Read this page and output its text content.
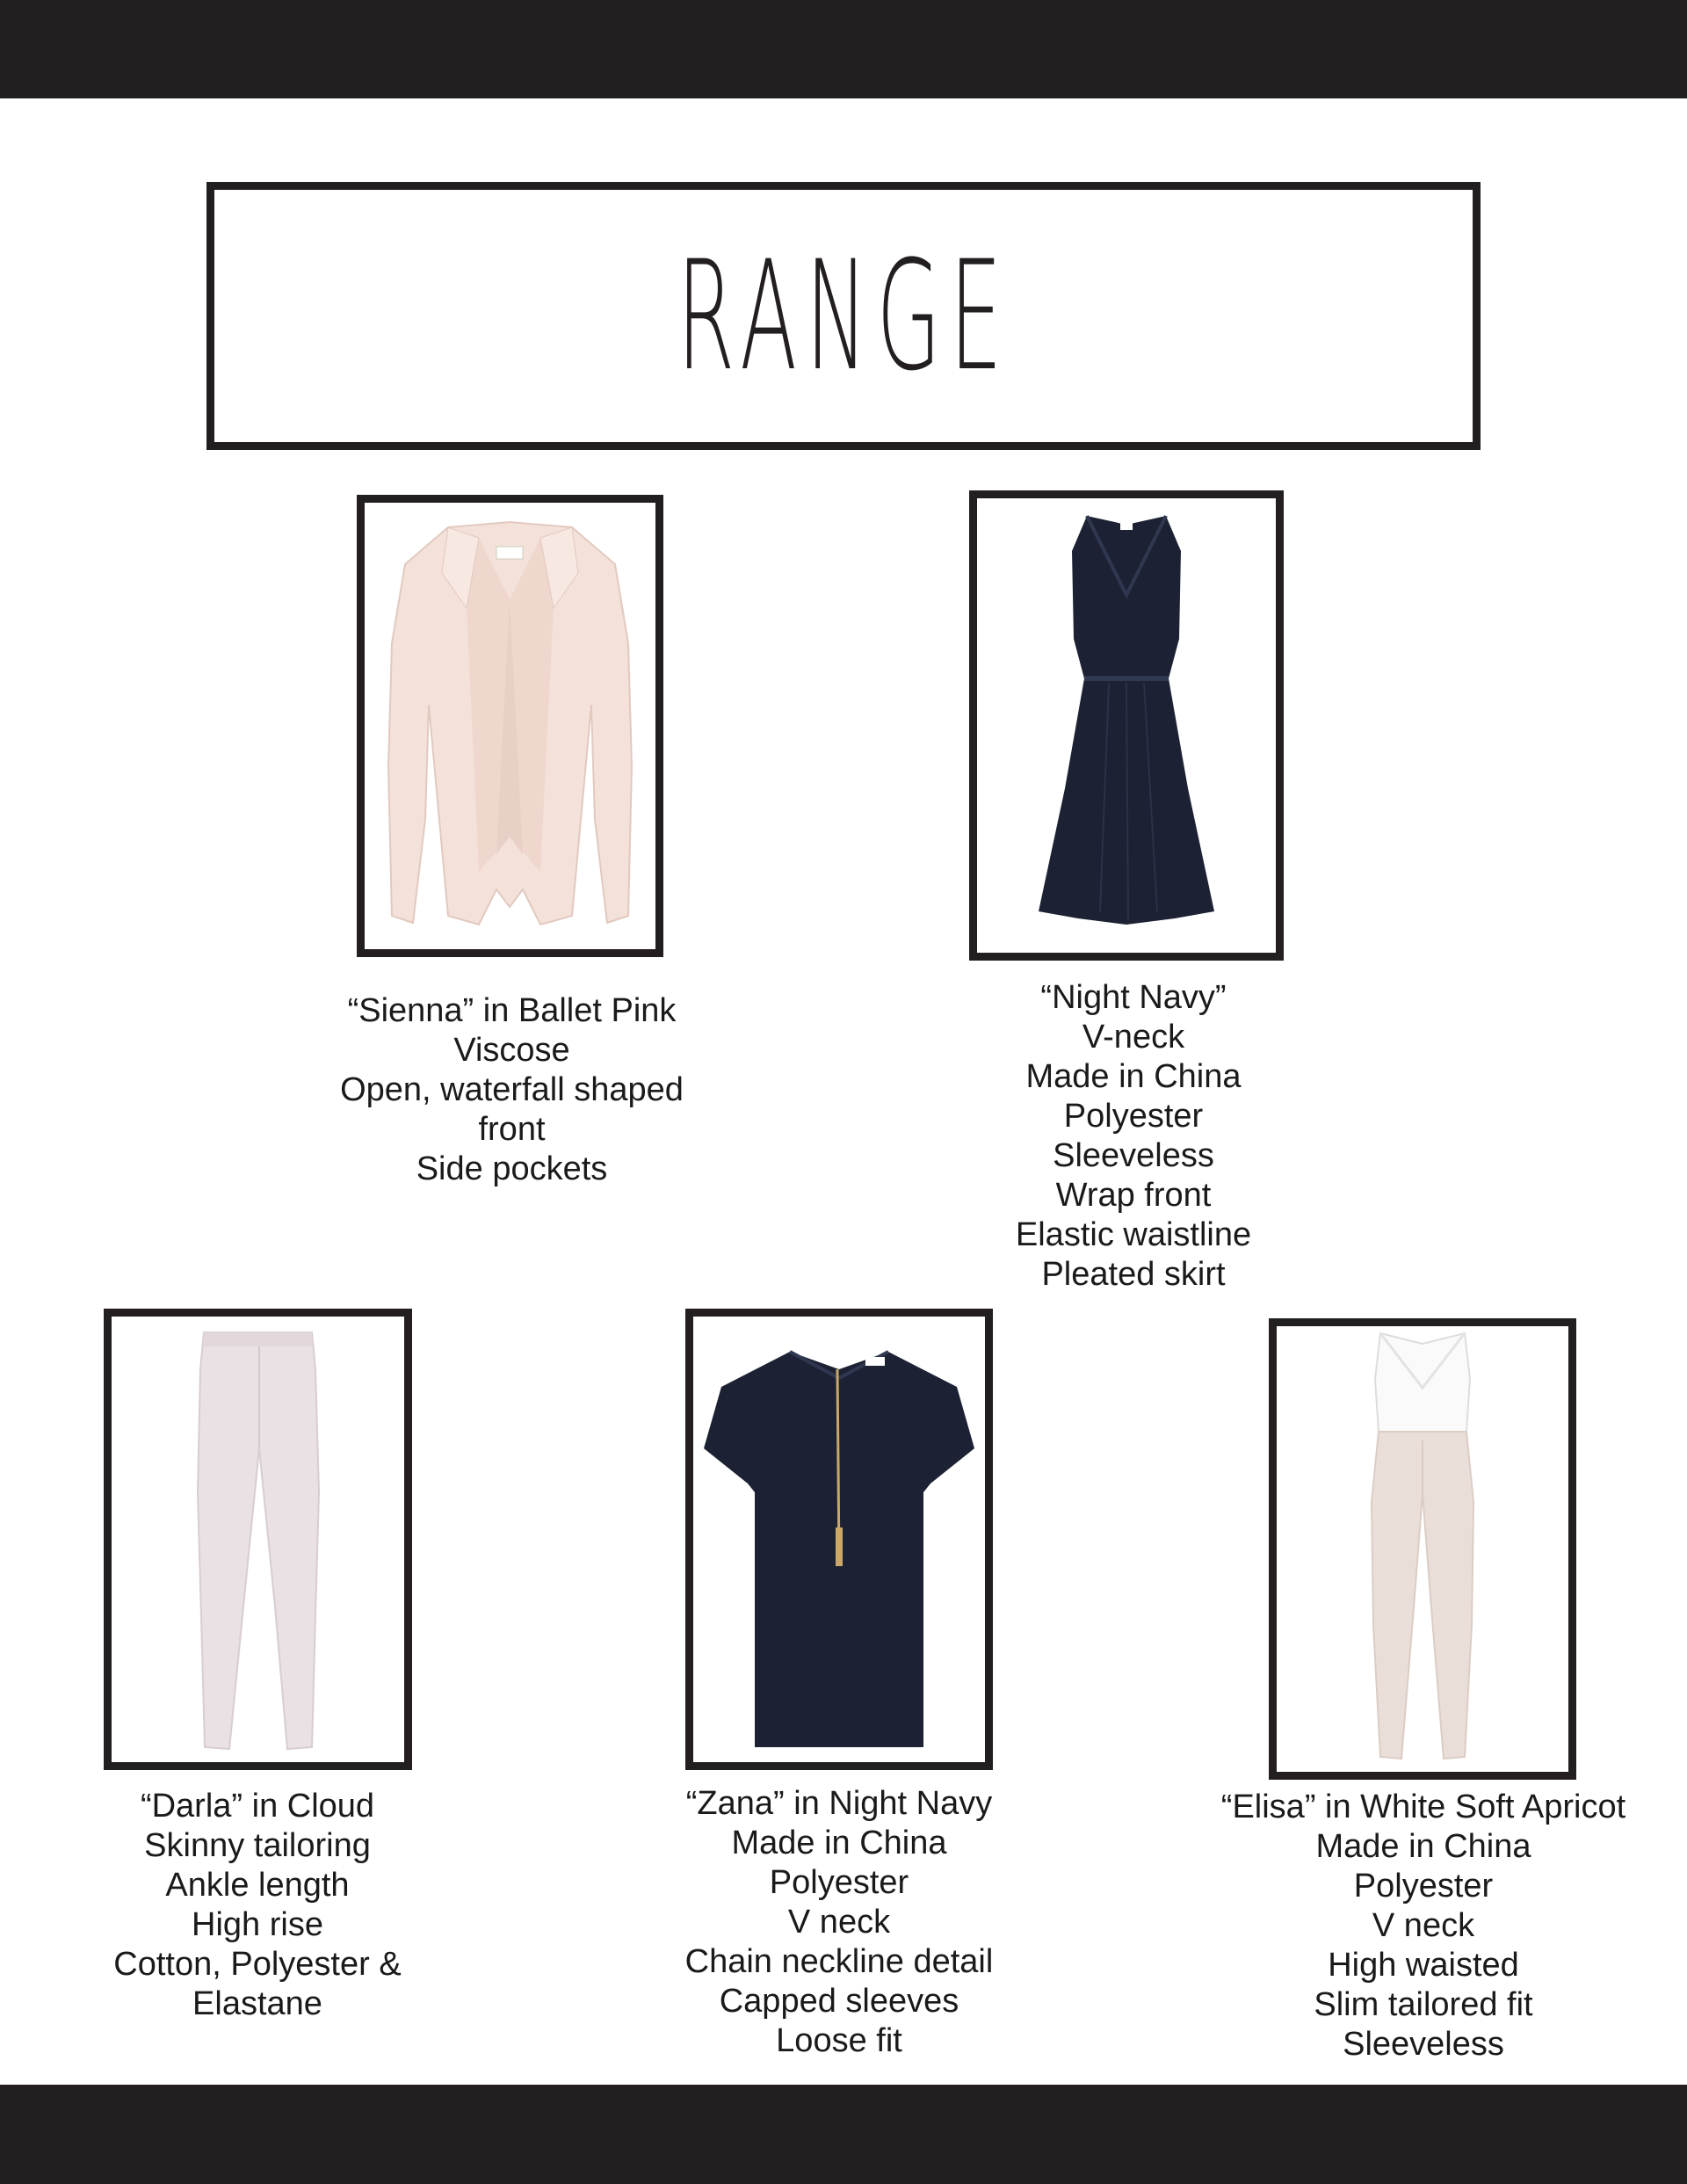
RANGE
“Sienna” in Ballet Pink
Viscose
Open, waterfall shaped
front
Side pockets
“Night Navy”
V-neck
Made in China
Polyester
Sleeveless
Wrap front
Elastic waistline
Pleated skirt
“Darla” in Cloud
Skinny tailoring
Ankle length
High rise
Cotton, Polyester &
Elastane
“Zana” in Night Navy
Made in China
Polyester
V neck
Chain neckline detail
Capped sleeves
Loose fit
“Elisa” in White Soft Apricot
Made in China
Polyester
V neck
High waisted
Slim tailored fit
Sleeveless
